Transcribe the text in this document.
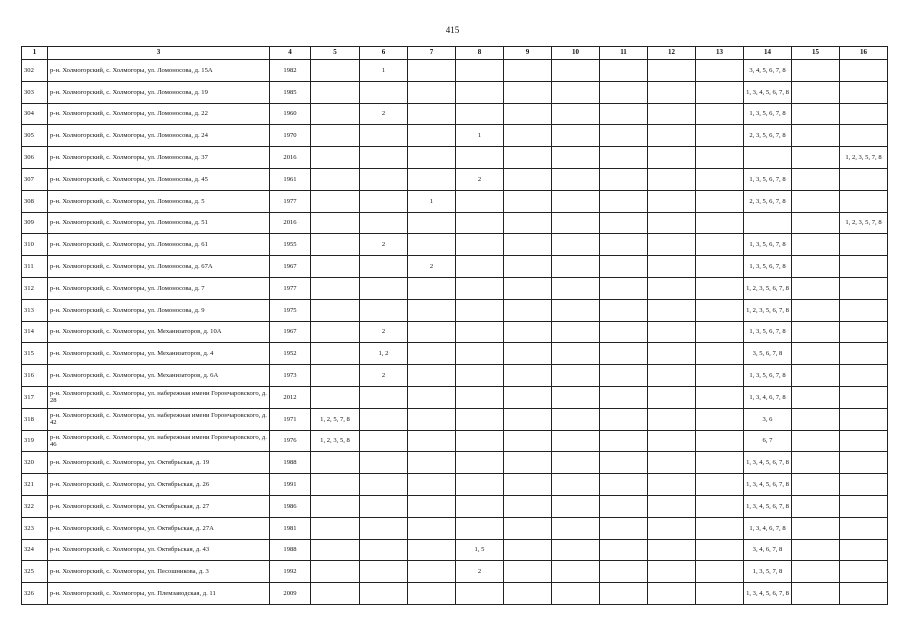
415
1	3	4	5	6	7	8	9	10	11	12	13	14	15	16
302	р-н. Холмогорский, с. Холмогоры, ул. Ломоносова, д. 15А	1982		1								3, 4, 5, 6, 7, 8		
303	р-н. Холмогорский, с. Холмогоры, ул. Ломоносова, д. 19	1985										1, 3, 4, 5, 6, 7, 8		
304	р-н. Холмогорский, с. Холмогоры, ул. Ломоносова, д. 22	1960		2								1, 3, 5, 6, 7, 8		
305	р-н. Холмогорский, с. Холмогоры, ул. Ломоносова, д. 24	1970				1						2, 3, 5, 6, 7, 8		
306	р-н. Холмогорский, с. Холмогоры, ул. Ломоносова, д. 37	2016												1, 2, 3, 5, 7, 8
307	р-н. Холмогорский, с. Холмогоры, ул. Ломоносова, д. 45	1961				2						1, 3, 5, 6, 7, 8		
308	р-н. Холмогорский, с. Холмогоры, ул. Ломоносова, д. 5	1977			1							2, 3, 5, 6, 7, 8		
309	р-н. Холмогорский, с. Холмогоры, ул. Ломоносова, д. 51	2016												1, 2, 3, 5, 7, 8
310	р-н. Холмогорский, с. Холмогоры, ул. Ломоносова, д. 61	1955		2								1, 3, 5, 6, 7, 8		
311	р-н. Холмогорский, с. Холмогоры, ул. Ломоносова, д. 67А	1967			2							1, 3, 5, 6, 7, 8		
312	р-н. Холмогорский, с. Холмогоры, ул. Ломоносова, д. 7	1977										1, 2, 3, 5, 6, 7, 8		
313	р-н. Холмогорский, с. Холмогоры, ул. Ломоносова, д. 9	1975										1, 2, 3, 5, 6, 7, 8		
314	р-н. Холмогорский, с. Холмогоры, ул. Механизаторов, д. 10А	1967		2								1, 3, 5, 6, 7, 8		
315	р-н. Холмогорский, с. Холмогоры, ул. Механизаторов, д. 4	1952		1, 2								3, 5, 6, 7, 8		
316	р-н. Холмогорский, с. Холмогоры, ул. Механизаторов, д. 6А	1973		2								1, 3, 5, 6, 7, 8		
317	р-н. Холмогорский, с. Холмогоры, ул. набережная имени Горончаровского, д. 28	2012										1, 3, 4, 6, 7, 8		
318	р-н. Холмогорский, с. Холмогоры, ул. набережная имени Горончаровского, д. 42	1971	1, 2, 5, 7, 8									3, 6		
319	р-н. Холмогорский, с. Холмогоры, ул. набережная имени Горончаровского, д. 46	1976	1, 2, 3, 5, 8									6, 7		
320	р-н. Холмогорский, с. Холмогоры, ул. Октябрьская, д. 19	1988										1, 3, 4, 5, 6, 7, 8		
321	р-н. Холмогорский, с. Холмогоры, ул. Октябрьская, д. 26	1991										1, 3, 4, 5, 6, 7, 8		
322	р-н. Холмогорский, с. Холмогоры, ул. Октябрьская, д. 27	1986										1, 3, 4, 5, 6, 7, 8		
323	р-н. Холмогорский, с. Холмогоры, ул. Октябрьская, д. 27А	1981										1, 3, 4, 6, 7, 8		
324	р-н. Холмогорский, с. Холмогоры, ул. Октябрьская, д. 43	1988				1, 5						3, 4, 6, 7, 8		
325	р-н. Холмогорский, с. Холмогоры, ул. Песошникова, д. 3	1992				2						1, 3, 5, 7, 8		
326	р-н. Холмогорский, с. Холмогоры, ул. Племзаводская, д. 11	2009										1, 3, 4, 5, 6, 7, 8		
